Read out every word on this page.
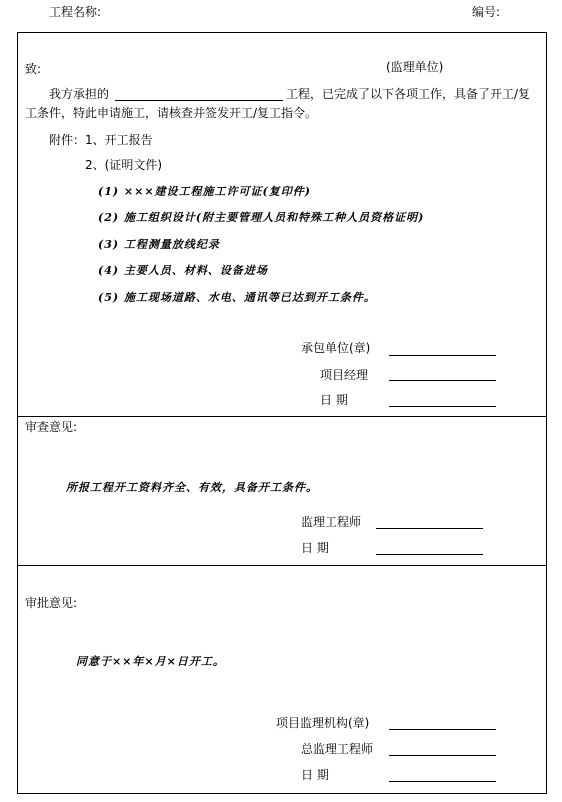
工程名称:	编号:
致:	(监理单位)
我方承担的	工程，已完成了以下各项工作，具备了开工/复
工条件，特此申请施工，请核查并签发开工/复工指令。
附件：1、开工报告
2、(证明文件)
(1) ×××建设工程施工许可证(复印件)
(2) 施工组织设计(附主要管理人员和特殊工种人员资格证明)
(3) 工程测量放线纪录
(4) 主要人员、材料、设备进场
(5) 施工现场道路、水电、通讯等已达到开工条件。
承包单位(章)
项目经理
日 期
审查意见:
所报工程开工资料齐全、有效，具备开工条件。
监理工程师
日 期
审批意见:
同意于××年×月×日开工。
项目监理机构(章)
总监理工程师
日 期
